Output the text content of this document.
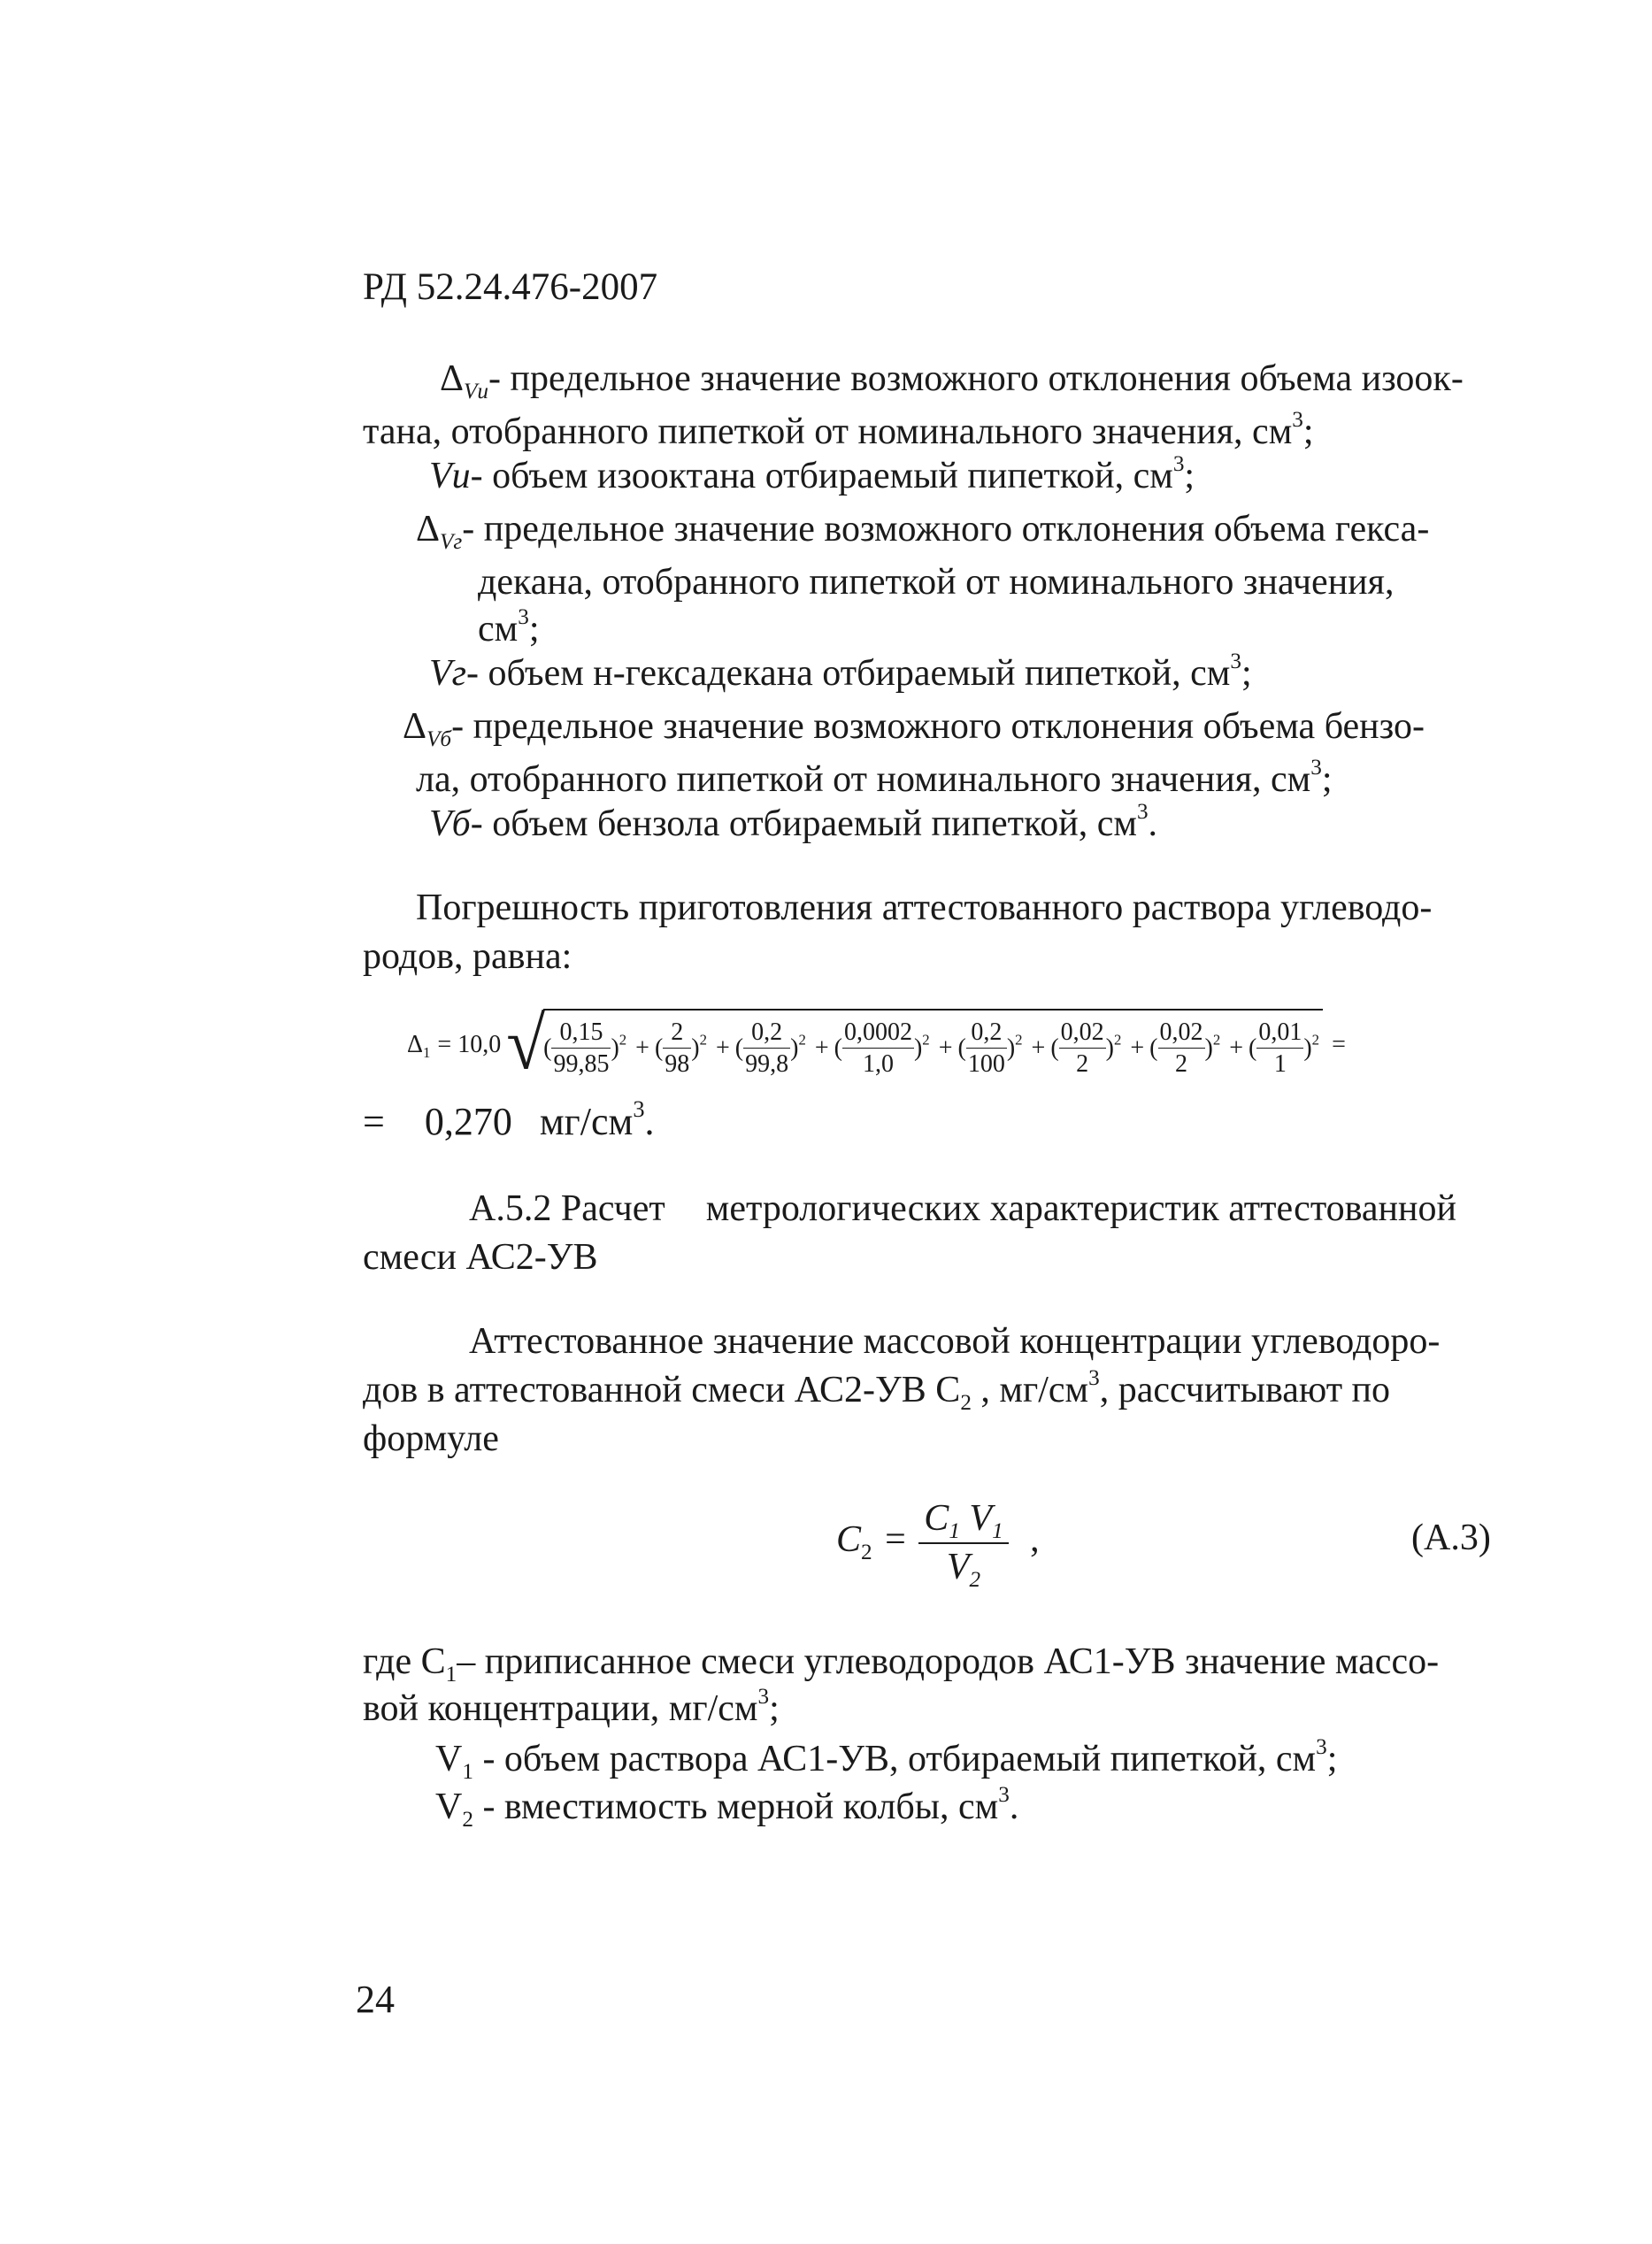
РД 52.24.476-2007
$\Delta_{Vи}-$ предельное значение возможного отклонения объема изоок-
тана, отобранного пипеткой от номинального значения, $см^3$;
Vи- объем изооктана отбираемый пипеткой, $см^3$;
$\Delta_{Vг}-$ предельное значение возможного отклонения объема гекса-
декана, отобранного пипеткой от номинального значения,
$см^3$;
Vг- объем н-гексадекана отбираемый пипеткой, $см^3$;
$\Delta_{Vб}-$ предельное значение возможного отклонения объема бензо-
ла, отобранного пипеткой от номинального значения, $см^3$;
Vб- объем бензола отбираемый пипеткой, $см^3$.
Погрешность приготовления аттестованного раствора углеводо-
родов, равна:
$\Delta_1 = 10,0$ √
( $\frac{0,15}{99,85} )^2$ + ( $\frac{2}{98} )^2$ + ( $\frac{0,2}{99,8} )^2$ + ( $\frac{0,0002}{1,0} )^2$ + ( $\frac{0,2}{100} )^2$ + ( $\frac{0,02}{2} )^2$ + ( $\frac{0,02}{2} )^2$ + ( $\frac{0,01}{1} )^2$ =
= 0,270 $мг/см^3$.
А.5.2 Расчет метрологических характеристик аттестованной
смеси АС2-УВ
Аттестованное значение массовой концентрации углеводоро-
дов в аттестованной смеси АС2-УВ $С_2$ , $мг/см^3$, рассчитывают по
формуле
$C_2 = \frac{C_1 V_1}{V_2}$ ,	(А.3)
где $С_1-$ приписанное смеси углеводородов АС1-УВ значение массо-
вой концентрации, $мг/см^3$;
$V_1$ - объем раствора АС1-УВ, отбираемый пипеткой, $см^3$;
$V_2$ - вместимость мерной колбы, $см^3$.
24
